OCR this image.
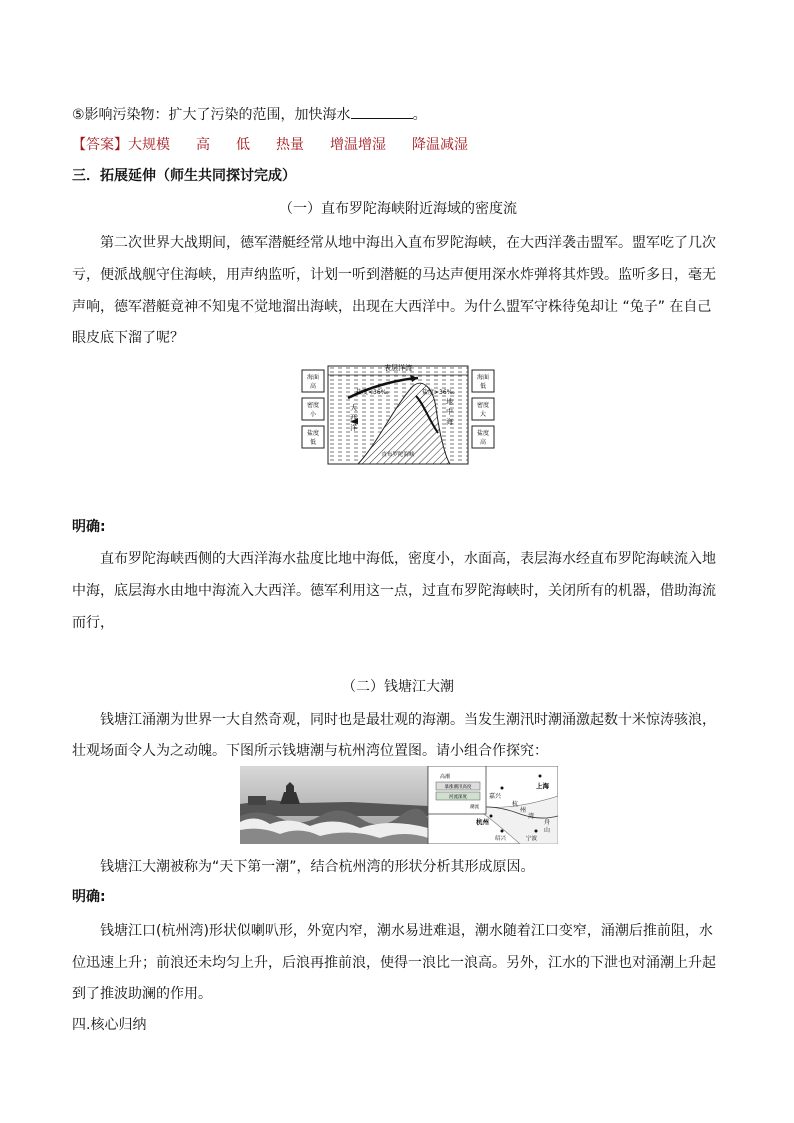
⑤影响污染物：扩大了污染的范围，加快海水	。
【答案】大规模 高 低 热量 增温增湿 降温减湿
三．拓展延伸（师生共同探讨完成）
（一）直布罗陀海峡附近海域的密度流
第二次世界大战期间，德军潜艇经常从地中海出入直布罗陀海峡，在大西洋袭击盟军。盟军吃了几次
亏，便派战舰守住海峡，用声纳监听，计划一听到潜艇的马达声便用深水炸弹将其炸毁。监听多日，毫无
声响，德军潜艇竟神不知鬼不觉地溜出海峡，出现在大西洋中。为什么盟军守株待兔却让 “兔子” 在自己
眼皮底下溜了呢？
表层洋流
海面
高
密度
小
盐度
低
海面
低
密度
大
盐度
高
盐度<36‰	盐度>36‰
大
西
洋
地
中
海
直布罗陀海峡
明确:
直布罗陀海峡西侧的大西洋海水盐度比地中海低，密度小，水面高，表层海水经直布罗陀海峡流入地
中海，底层海水由地中海流入大西洋。德军利用这一点，过直布罗陀海峡时，关闭所有的机器，借助海流
而行，
（二）钱塘江大潮
钱塘江涌潮为世界一大自然奇观，同时也是最壮观的海潮。当发生潮汛时潮涌激起数十米惊涛骇浪，
壮观场面令人为之动魄。下图所示钱塘潮与杭州湾位置图。请小组合作探究：
高潮
暴涨潮汛高度
河流深度
潮流
上海
嘉兴
杭州
绍兴	宁波
杭
州
湾
舟
山
钱塘江大潮被称为“天下第一潮”，结合杭州湾的形状分析其形成原因。
明确:
钱塘江口(杭州湾)形状似喇叭形，外宽内窄，潮水易进难退，潮水随着江口变窄，涌潮后推前阻，水
位迅速上升；前浪还未均匀上升，后浪再推前浪，使得一浪比一浪高。另外，江水的下泄也对涌潮上升起
到了推波助澜的作用。
四.核心归纳
